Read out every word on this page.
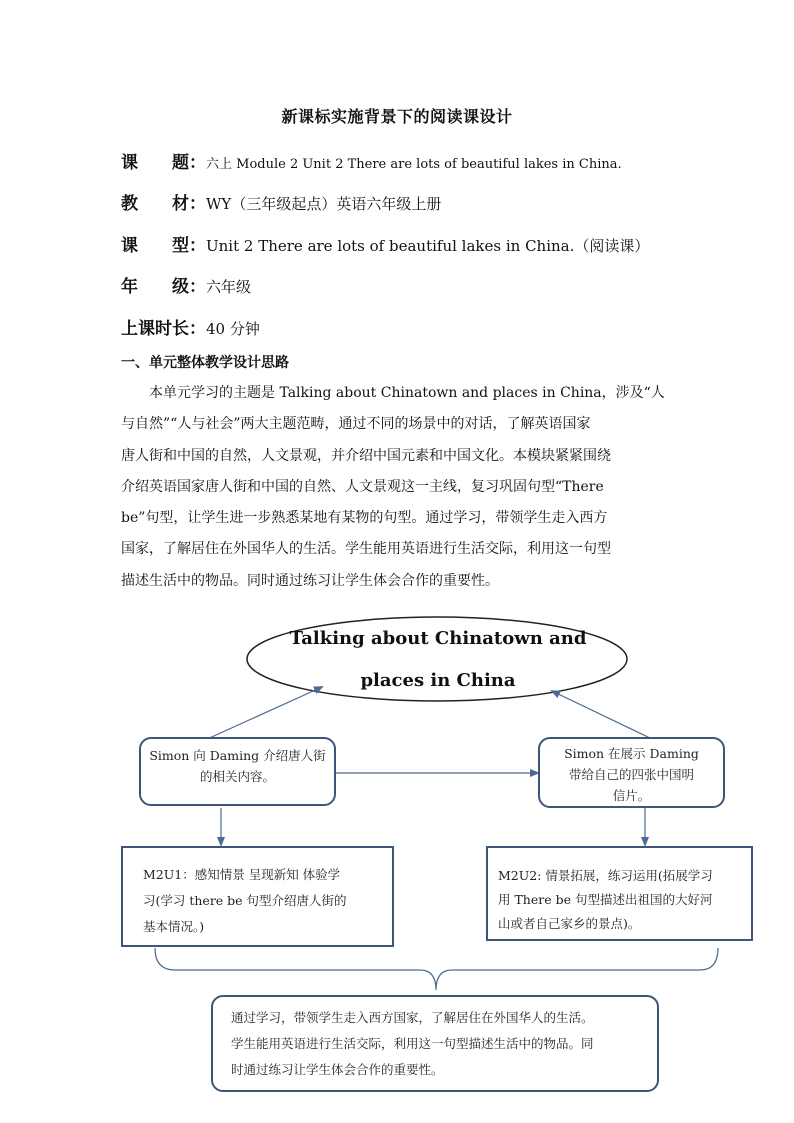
新课标实施背景下的阅读课设计
课　　题：六上 Module 2 Unit 2 There are lots of beautiful lakes in China.
教　　材：WY（三年级起点）英语六年级上册
课　　型：Unit 2 There are lots of beautiful lakes in China.（阅读课）
年　　级：六年级
上课时长：40 分钟
一、单元整体教学设计思路
本单元学习的主题是 Talking about Chinatown and places in China，涉及“人
与自然”“人与社会”两大主题范畴，通过不同的场景中的对话，了解英语国家
唐人街和中国的自然，人文景观，并介绍中国元素和中国文化。本模块紧紧围绕
介绍英语国家唐人街和中国的自然、人文景观这一主线，复习巩固句型“There
be”句型，让学生进一步熟悉某地有某物的句型。通过学习，带领学生走入西方
国家，了解居住在外国华人的生活。学生能用英语进行生活交际，利用这一句型
描述生活中的物品。同时通过练习让学生体会合作的重要性。
Talking about Chinatown and
places in China
Simon 向 Daming 介绍唐人街
的相关内容。
Simon 在展示 Daming
带给自己的四张中国明
信片。
M2U1：感知情景 呈现新知 体验学
习(学习 there be 句型介绍唐人街的
基本情况。)
M2U2: 情景拓展，练习运用(拓展学习
用 There be 句型描述出祖国的大好河
山或者自己家乡的景点)。
通过学习，带领学生走入西方国家，了解居住在外国华人的生活。
学生能用英语进行生活交际，利用这一句型描述生活中的物品。同
时通过练习让学生体会合作的重要性。
